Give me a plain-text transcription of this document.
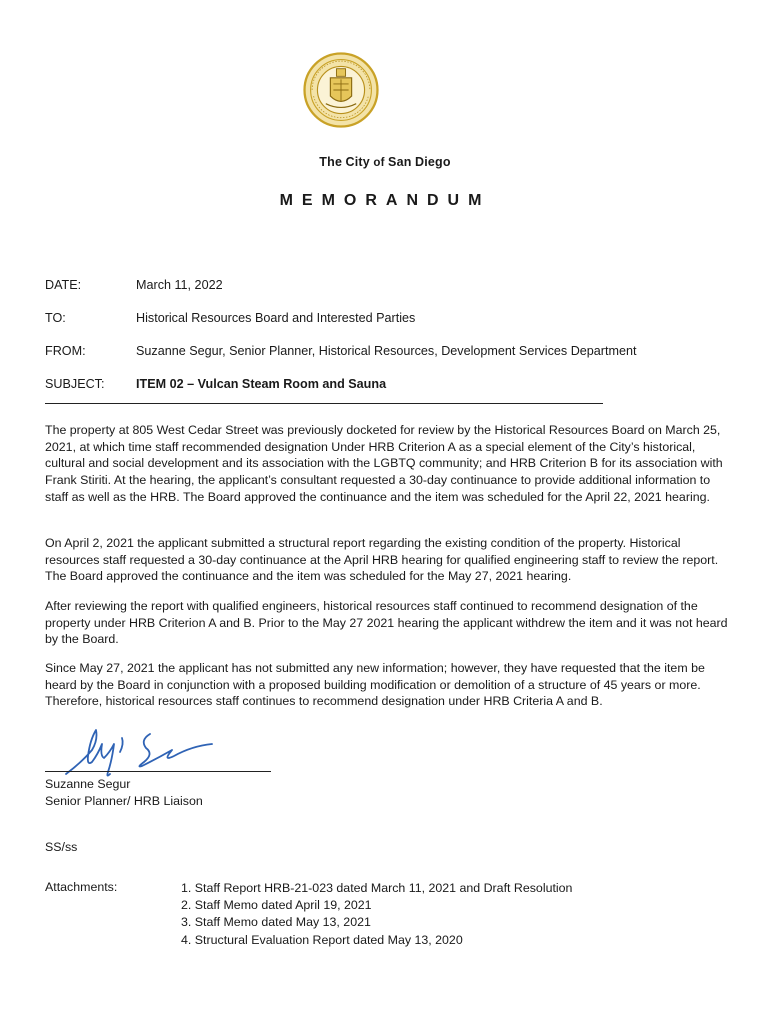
The City of San Diego
MEMORANDUM
DATE:	March 11, 2022
TO:	Historical Resources Board and Interested Parties
FROM:	Suzanne Segur, Senior Planner, Historical Resources, Development Services Department
SUBJECT:	ITEM 02 – Vulcan Steam Room and Sauna

The property at 805 West Cedar Street was previously docketed for review by the Historical Resources Board on March 25, 2021, at which time staff recommended designation Under HRB Criterion A as a special element of the City’s historical, cultural and social development and its association with the LGBTQ community; and HRB Criterion B for its association with Frank Stiriti. At the hearing, the applicant’s consultant requested a 30-day continuance to provide additional information to staff as well as the HRB. The Board approved the continuance and the item was scheduled for the April 22, 2021 hearing.

On April 2, 2021 the applicant submitted a structural report regarding the existing condition of the property. Historical resources staff requested a 30-day continuance at the April HRB hearing for qualified engineering staff to review the report. The Board approved the continuance and the item was scheduled for the May 27, 2021 hearing.

After reviewing the report with qualified engineers, historical resources staff continued to recommend designation of the property under HRB Criterion A and B. Prior to the May 27 2021 hearing the applicant withdrew the item and it was not heard by the Board.

Since May 27, 2021 the applicant has not submitted any new information; however, they have requested that the item be heard by the Board in conjunction with a proposed building modification or demolition of a structure of 45 years or more. Therefore, historical resources staff continues to recommend designation under HRB Criteria A and B.

Suzanne Segur
Senior Planner/ HRB Liaison
SS/ss
Attachments:	1. Staff Report HRB-21-023 dated March 11, 2021 and Draft Resolution
2. Staff Memo dated April 19, 2021
3. Staff Memo dated May 13, 2021
4. Structural Evaluation Report dated May 13, 2020
